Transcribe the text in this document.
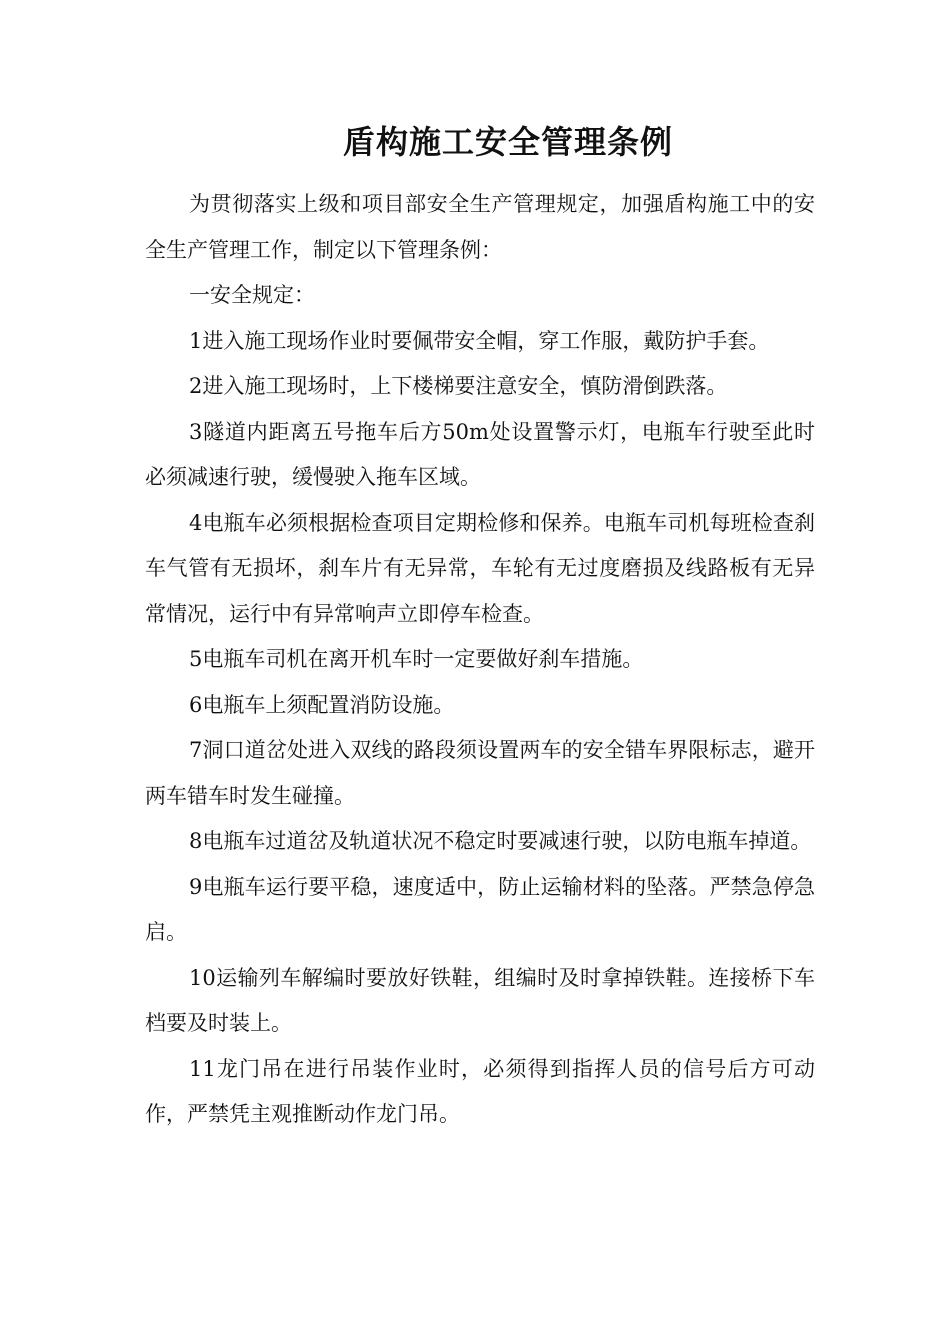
盾构施工安全管理条例

为贯彻落实上级和项目部安全生产管理规定，加强盾构施工中的安全生产管理工作，制定以下管理条例：

一安全规定：

1进入施工现场作业时要佩带安全帽，穿工作服，戴防护手套。

2进入施工现场时，上下楼梯要注意安全，慎防滑倒跌落。

3隧道内距离五号拖车后方50m处设置警示灯，电瓶车行驶至此时必须减速行驶，缓慢驶入拖车区域。

4电瓶车必须根据检查项目定期检修和保养。电瓶车司机每班检查刹车气管有无损坏，刹车片有无异常，车轮有无过度磨损及线路板有无异常情况，运行中有异常响声立即停车检查。

5电瓶车司机在离开机车时一定要做好刹车措施。

6电瓶车上须配置消防设施。

7洞口道岔处进入双线的路段须设置两车的安全错车界限标志，避开两车错车时发生碰撞。

8电瓶车过道岔及轨道状况不稳定时要减速行驶，以防电瓶车掉道。

9电瓶车运行要平稳，速度适中，防止运输材料的坠落。严禁急停急启。

10运输列车解编时要放好铁鞋，组编时及时拿掉铁鞋。连接桥下车档要及时装上。

11龙门吊在进行吊装作业时，必须得到指挥人员的信号后方可动作，严禁凭主观推断动作龙门吊。
